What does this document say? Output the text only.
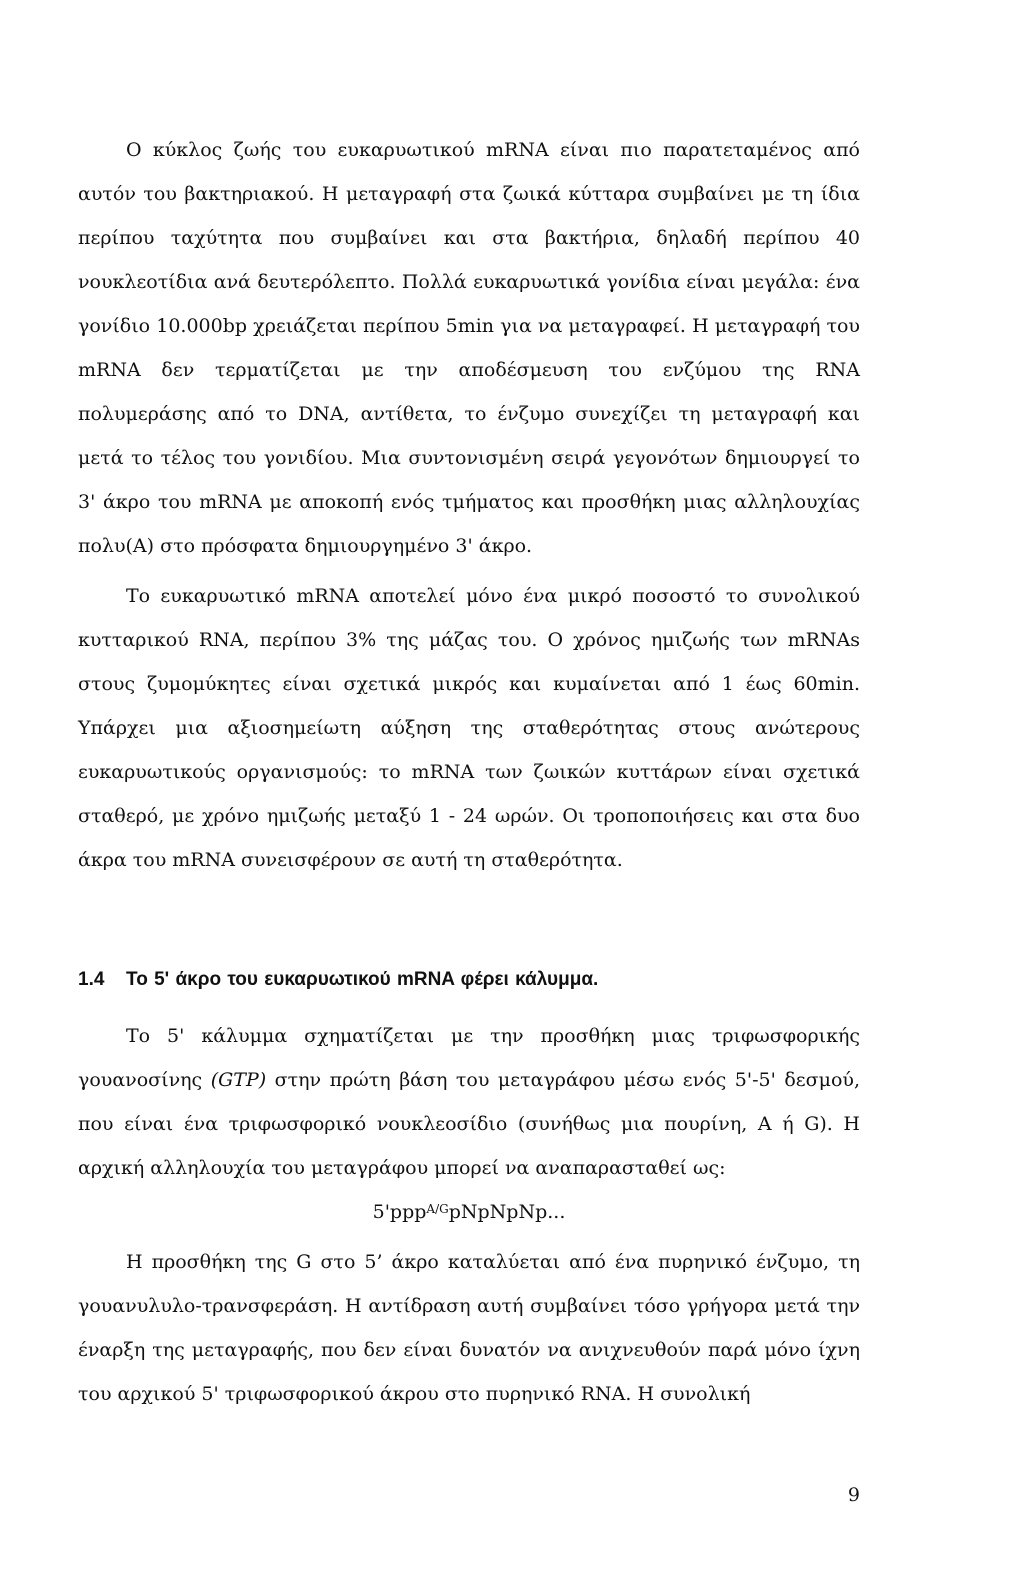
Ο κύκλος ζωής του ευκαρυωτικού mRNA είναι πιο παρατεταμένος από αυτόν του βακτηριακού. Η μεταγραφή στα ζωικά κύτταρα συμβαίνει με τη ίδια περίπου ταχύτητα που συμβαίνει και στα βακτήρια, δηλαδή περίπου 40 νουκλεοτίδια ανά δευτερόλεπτο. Πολλά ευκαρυωτικά γονίδια είναι μεγάλα: ένα γονίδιο 10.000bp χρειάζεται περίπου 5min για να μεταγραφεί. Η μεταγραφή του mRNA δεν τερματίζεται με την αποδέσμευση του ενζύμου της RNA πολυμεράσης από το DNA, αντίθετα, το ένζυμο συνεχίζει τη μεταγραφή και μετά το τέλος του γονιδίου. Μια συντονισμένη σειρά γεγονότων δημιουργεί το 3' άκρο του mRNA με αποκοπή ενός τμήματος και προσθήκη μιας αλληλουχίας πολυ(Α) στο πρόσφατα δημιουργημένο 3' άκρο.

Το ευκαρυωτικό mRNA αποτελεί μόνο ένα μικρό ποσοστό το συνολικού κυτταρικού RNA, περίπου 3% της μάζας του. Ο χρόνος ημιζωής των mRNAs στους ζυμομύκητες είναι σχετικά μικρός και κυμαίνεται από 1 έως 60min. Υπάρχει μια αξιοσημείωτη αύξηση της σταθερότητας στους ανώτερους ευκαρυωτικούς οργανισμούς: το mRNA των ζωικών κυττάρων είναι σχετικά σταθερό, με χρόνο ημιζωής μεταξύ 1 - 24 ωρών. Οι τροποποιήσεις και στα δυο άκρα του mRNA συνεισφέρουν σε αυτή τη σταθερότητα.

1.4 Το 5' άκρο του ευκαρυωτικού mRNA φέρει κάλυμμα.

Το 5' κάλυμμα σχηματίζεται με την προσθήκη μιας τριφωσφορικής γουανοσίνης (GTP) στην πρώτη βάση του μεταγράφου μέσω ενός 5'-5' δεσμού, που είναι ένα τριφωσφορικό νουκλεοσίδιο (συνήθως μια πουρίνη, Α ή G). Η αρχική αλληλουχία του μεταγράφου μπορεί να αναπαρασταθεί ως:

5'ppp$^{A/G}$pNpNpNp...

Η προσθήκη της G στο 5’ άκρο καταλύεται από ένα πυρηνικό ένζυμο, τη γουανυλυλο-τρανσφεράση. Η αντίδραση αυτή συμβαίνει τόσο γρήγορα μετά την έναρξη της μεταγραφής, που δεν είναι δυνατόν να ανιχνευθούν παρά μόνο ίχνη του αρχικού 5' τριφωσφορικού άκρου στο πυρηνικό RNA. Η συνολική

9
